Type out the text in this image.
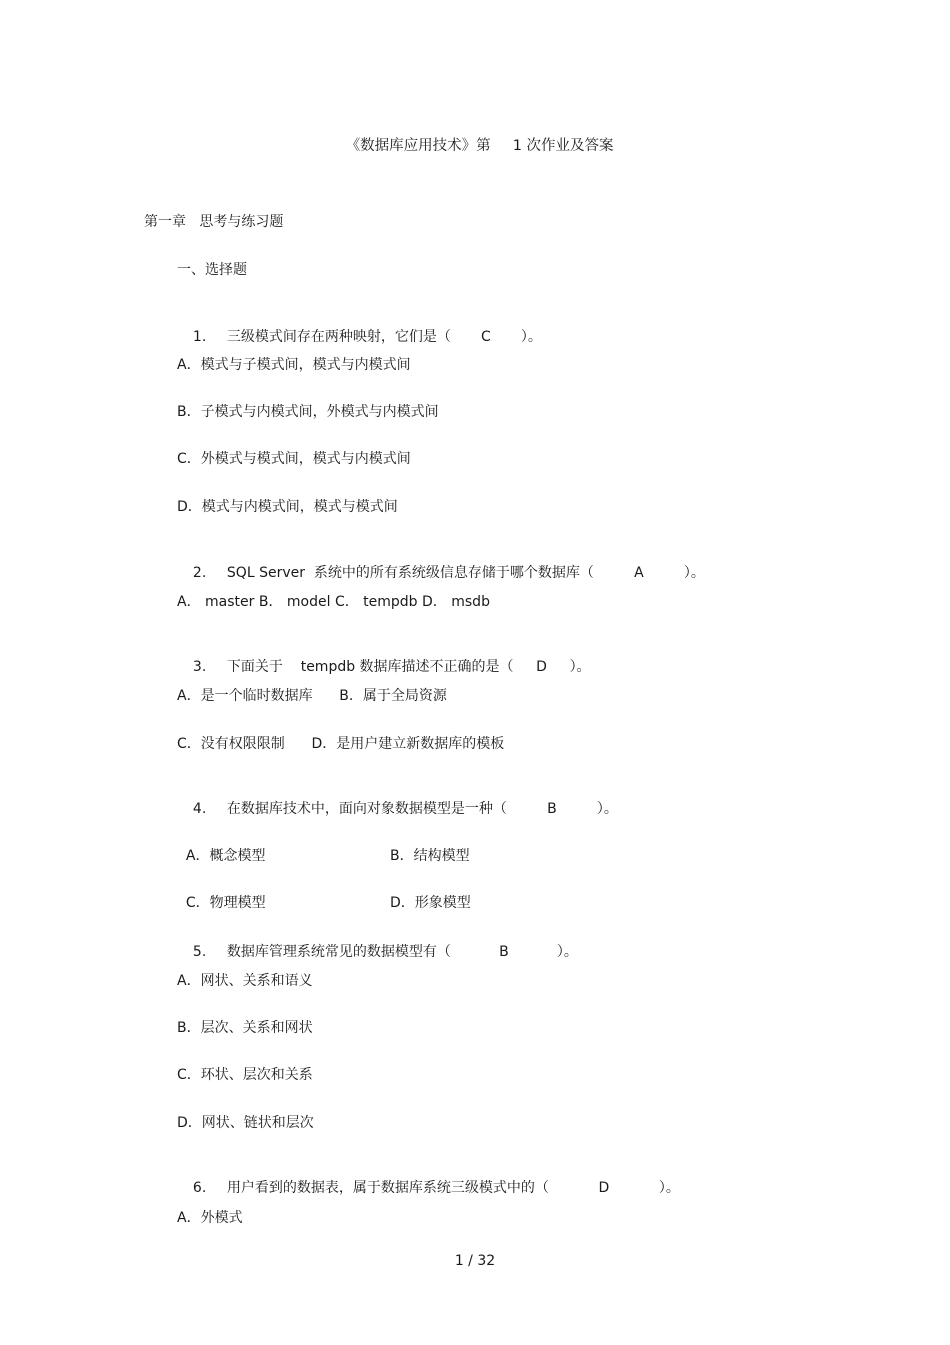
《数据库应用技术》第 1 次作业及答案

第一章   思考与练习题
一、选择题

1. 三级模式间存在两种映射，它们是（ C ）。

A．模式与子模式间，模式与内模式间
B．子模式与内模式间，外模式与内模式间
C．外模式与模式间，模式与内模式间
D．模式与内模式间，模式与模式间

2. SQL Server  系统中的所有系统级信息存储于哪个数据库（	A	）。

A． master B． model C． tempdb D． msdb

3. 下面关于    tempdb 数据库描述不正确的是（ D ）。

A．是一个临时数据库      B．属于全局资源
C．没有权限限制      D．是用户建立新数据库的模板

4. 在数据库技术中，面向对象数据模型是一种（	B	）。

A．概念模型	B．结构模型

C．物理模型	D．形象模型

5. 数据库管理系统常见的数据模型有（	B	）。

A．网状、关系和语义
B．层次、关系和网状
C．环状、层次和关系
D．网状、链状和层次

6. 用户看到的数据表，属于数据库系统三级模式中的（	D	）。

A．外模式
1 / 32
